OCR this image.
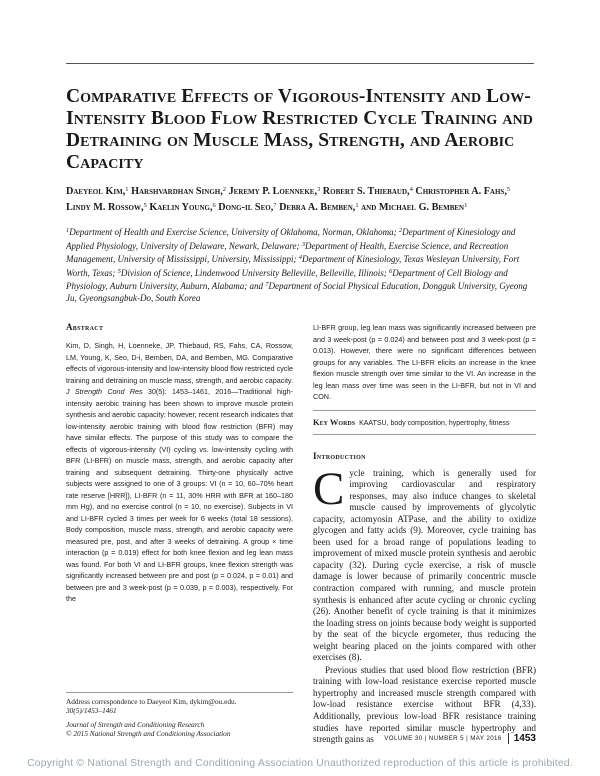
Comparative Effects of Vigorous-Intensity and Low-Intensity Blood Flow Restricted Cycle Training and Detraining on Muscle Mass, Strength, and Aerobic Capacity
Daeyeol Kim,$^1$ Harshvardhan Singh,$^2$ Jeremy P. Loenneke,$^3$ Robert S. Thiebaud,$^4$ Christopher A. Fahs,$^5$ Lindy M. Rossow,$^5$ Kaelin Young,$^6$ Dong-il Seo,$^7$ Debra A. Bemben,$^1$ and Michael G. Bemben$^1$
$^1$Department of Health and Exercise Science, University of Oklahoma, Norman, Oklahoma; $^2$Department of Kinesiology and Applied Physiology, University of Delaware, Newark, Delaware; $^3$Department of Health, Exercise Science, and Recreation Management, University of Mississippi, University, Mississippi; $^4$Department of Kinesiology, Texas Wesleyan University, Fort Worth, Texas; $^5$Division of Science, Lindenwood University Belleville, Belleville, Illinois; $^6$Department of Cell Biology and Physiology, Auburn University, Auburn, Alabama; and $^7$Department of Social Physical Education, Dongguk University, Gyeong Ju, Gyeongsangbuk-Do, South Korea
Abstract

Kim, D, Singh, H, Loenneke, JP, Thiebaud, RS, Fahs, CA, Rossow, LM, Young, K, Seo, D-i, Bemben, DA, and Bemben, MG. Comparative effects of vigorous-intensity and low-intensity blood flow restricted cycle training and detraining on muscle mass, strength, and aerobic capacity. J Strength Cond Res 30(5): 1453–1461, 2016—Traditional high-intensity aerobic training has been shown to improve muscle protein synthesis and aerobic capacity; however, recent research indicates that low-intensity aerobic training with blood flow restriction (BFR) may have similar effects. The purpose of this study was to compare the effects of vigorous-intensity (VI) cycling vs. low-intensity cycling with BFR (LI-BFR) on muscle mass, strength, and aerobic capacity after training and subsequent detraining. Thirty-one physically active subjects were assigned to one of 3 groups: VI (n = 10, 60–70% heart rate reserve [HRR]), LI-BFR (n = 11, 30% HRR with BFR at 160–180 mm Hg), and no exercise control (n = 10, no exercise). Subjects in VI and LI-BFR cycled 3 times per week for 6 weeks (total 18 sessions). Body composition, muscle mass, strength, and aerobic capacity were measured pre, post, and after 3 weeks of detraining. A group × time interaction (p = 0.019) effect for both knee flexion and leg lean mass was found. For both VI and LI-BFR groups, knee flexion strength was significantly increased between pre and post (p = 0.024, p = 0.01) and between pre and 3 week-post (p = 0.039, p = 0.003), respectively. For the

LI-BFR group, leg lean mass was significantly increased between pre and 3 week-post (p = 0.024) and between post and 3 week-post (p = 0.013). However, there were no significant differences between groups for any variables. The LI-BFR elicits an increase in the knee flexion muscle strength over time similar to the VI. An increase in the leg lean mass over time was seen in the LI-BFR, but not in VI and CON.

Key Words KAATSU, body composition, hypertrophy, fitness
Introduction

Cycle training, which is generally used for improving cardiovascular and respiratory responses, may also induce changes to skeletal muscle caused by improvements of glycolytic capacity, actomyosin ATPase, and the ability to oxidize glycogen and fatty acids (9). Moreover, cycle training has been used for a broad range of populations leading to improvement of mixed muscle protein synthesis and aerobic capacity (32). During cycle exercise, a risk of muscle damage is lower because of primarily concentric muscle contraction compared with running, and muscle protein synthesis is enhanced after acute cycling or chronic cycling (26). Another benefit of cycle training is that it minimizes the loading stress on joints because body weight is supported by the seat of the bicycle ergometer, thus reducing the weight bearing placed on the joints compared with other exercises (8).

Previous studies that used blood flow restriction (BFR) training with low-load resistance exercise reported muscle hypertrophy and increased muscle strength compared with low-load resistance exercise without BFR (4,33). Additionally, previous low-load BFR resistance training studies have reported similar muscle hypertrophy and strength gains as

Address correspondence to Daeyeol Kim, dykim@ou.edu.
30(5)/1453–1461
Journal of Strength and Conditioning Research
© 2015 National Strength and Conditioning Association	VOLUME 30 | NUMBER 5 | MAY 2016 1453
Copyright © National Strength and Conditioning Association Unauthorized reproduction of this article is prohibited.
